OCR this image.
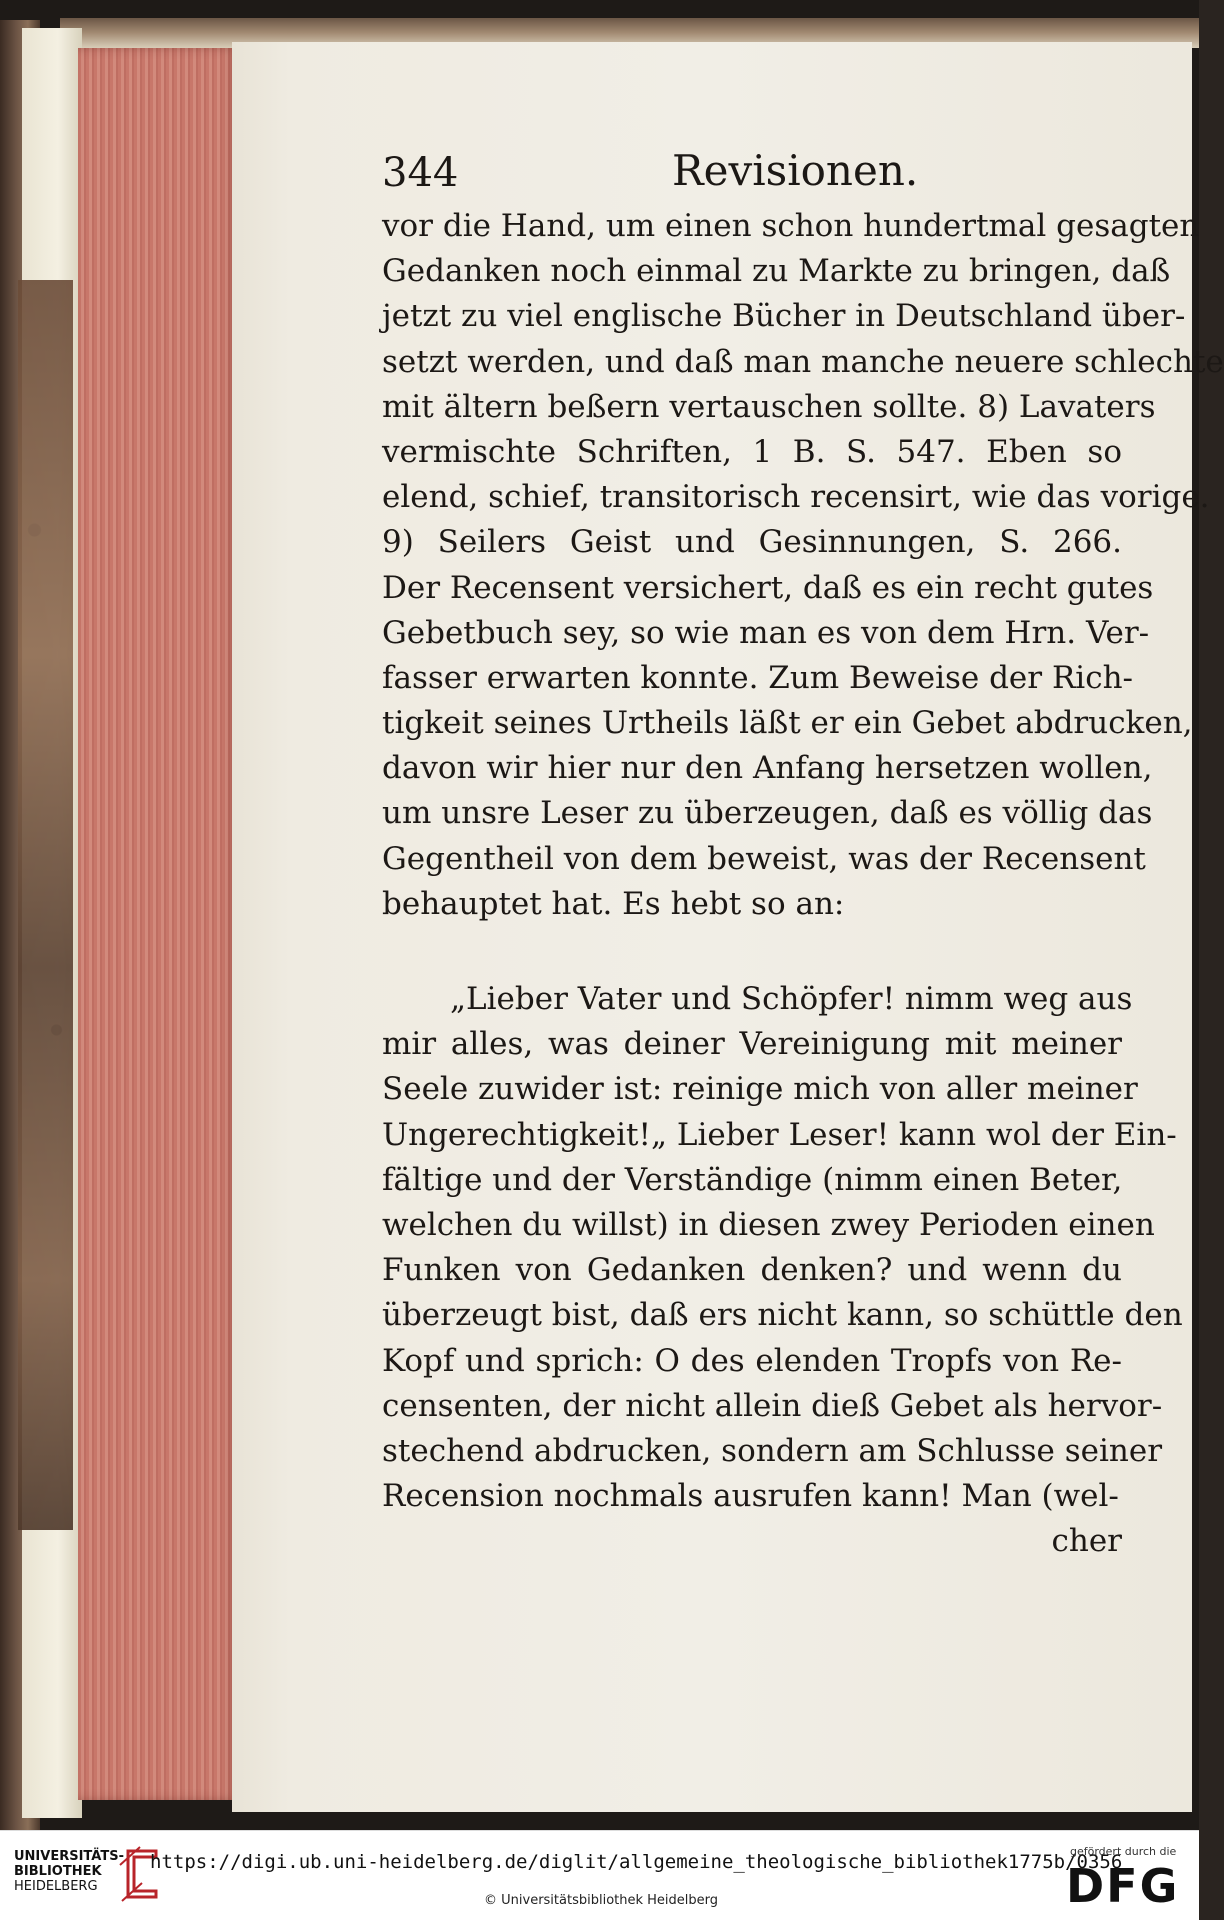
344	Revisionen.
vor die Hand, um einen schon hundertmal gesagten
Gedanken noch einmal zu Markte zu bringen, daß
jetzt zu viel englische Bücher in Deutschland über-
setzt werden, und daß man manche neuere schlechte
mit ältern beßern vertauschen sollte. 8) Lavaters
vermischte Schriften, 1 B. S. 547. Eben so
elend, schief, transitorisch recensirt, wie das vorige.
9) Seilers Geist und Gesinnungen, S. 266.
Der Recensent versichert, daß es ein recht gutes
Gebetbuch sey, so wie man es von dem Hrn. Ver-
fasser erwarten konnte. Zum Beweise der Rich-
tigkeit seines Urtheils läßt er ein Gebet abdrucken,
davon wir hier nur den Anfang hersetzen wollen,
um unsre Leser zu überzeugen, daß es völlig das
Gegentheil von dem beweist, was der Recensent
behauptet hat. Es hebt so an:
„Lieber Vater und Schöpfer! nimm weg aus
mir alles, was deiner Vereinigung mit meiner
Seele zuwider ist: reinige mich von aller meiner
Ungerechtigkeit!„ Lieber Leser! kann wol der Ein-
fältige und der Verständige (nimm einen Beter,
welchen du willst) in diesen zwey Perioden einen
Funken von Gedanken denken? und wenn du
überzeugt bist, daß ers nicht kann, so schüttle den
Kopf und sprich: O des elenden Tropfs von Re-
censenten, der nicht allein dieß Gebet als hervor-
stechend abdrucken, sondern am Schlusse seiner
Recension nochmals ausrufen kann! Man (wel-
cher
UNIVERSITÄTS-
BIBLIOTHEK
HEIDELBERG
https://digi.ub.uni-heidelberg.de/diglit/allgemeine_theologische_bibliothek1775b/0356
© Universitätsbibliothek Heidelberg
gefördert durch die
DFG
